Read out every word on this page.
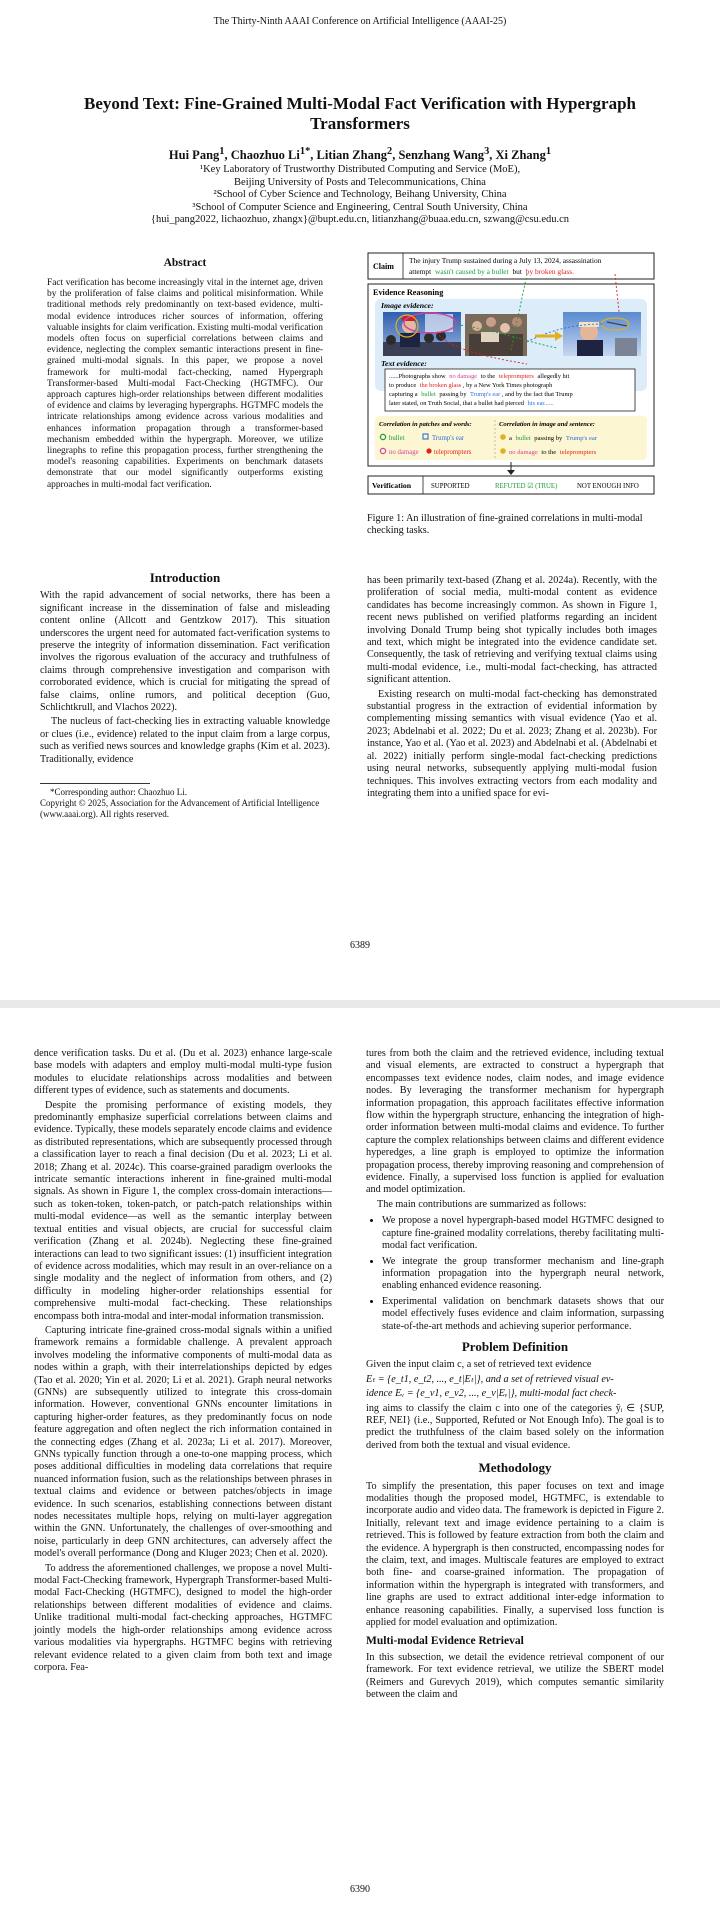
The Thirty-Ninth AAAI Conference on Artificial Intelligence (AAAI-25)
Beyond Text: Fine-Grained Multi-Modal Fact Verification with Hypergraph Transformers
Hui Pang$^1$, Chaozhuo $Li^{1*}$, Litian Zhang$^2$, Senzhang Wang$^3$, Xi Zhang$^1$
¹Key Laboratory of Trustworthy Distributed Computing and Service (MoE),
Beijing University of Posts and Telecommunications, China
²School of Cyber Science and Technology, Beihang University, China
³School of Computer Science and Engineering, Central South University, China
{hui_pang2022, lichaozhuo, zhangx}@bupt.edu.cn, litianzhang@buaa.edu.cn, szwang@csu.edu.cn
Abstract
Fact verification has become increasingly vital in the internet age, driven by the proliferation of false claims and political misinformation. While traditional methods rely predominantly on text-based evidence, multi-modal evidence introduces richer sources of information, offering valuable insights for claim verification. Existing multi-modal verification models often focus on superficial correlations between claims and evidence, neglecting the complex semantic interactions present in fine-grained multi-modal signals. In this paper, we propose a novel framework for multi-modal fact-checking, named Hypergraph Transformer-based Multi-modal Fact-Checking (HGTMFC). Our approach captures high-order relationships between different modalities of evidence and claims by leveraging hypergraphs. HGTMFC models the intricate relationships among evidence across various modalities and enhances information propagation through a transformer-based mechanism embedded within the hypergraph. Moreover, we utilize linegraphs to refine this propagation process, further strengthening the model's reasoning capabilities. Experiments on benchmark datasets demonstrate that our model significantly outperforms existing approaches in multi-modal fact verification.
Introduction

With the rapid advancement of social networks, there has been a significant increase in the dissemination of false and misleading content online (Allcott and Gentzkow 2017). This situation underscores the urgent need for automated fact-verification systems to preserve the integrity of information dissemination. Fact verification involves the rigorous evaluation of the accuracy and truthfulness of claims through comprehensive investigation and comparison with corroborated evidence, which is crucial for mitigating the spread of false claims, online rumors, and political deception (Guo, Schlichtkrull, and Vlachos 2022).

The nucleus of fact-checking lies in extracting valuable knowledge or clues (i.e., evidence) related to the input claim from a large corpus, such as verified news sources and knowledge graphs (Kim et al. 2023). Traditionally, evidence

*Corresponding author: Chaozhuo Li.
Copyright © 2025, Association for the Advancement of Artificial Intelligence (www.aaai.org). All rights reserved.
Claim
The injury Trump sustained during a July 13, 2024, assassination
attempt wasn't caused by a bullet but by broken glass.
Evidence Reasoning
Image evidence:
Text evidence:
......Photographs show no damage to the teleprompters allegedly hit
to produce the broken glass , by a New York Times photograph
capturing a bullet passing by Trump's ear , and by the fact that Trump
later stated, on Truth Social, that a bullet had pierced his ear......
Correlation in patches and words:	Correlation in image and sentence:
bullet	Trump's ear
no damage teleprompters
a bullet passing by Trump's ear
no damage to the teleprompters
Verification	SUPPORTED	REFUTED ☑ (TRUE)	NOT ENOUGH INFO
Figure 1: An illustration of fine-grained correlations in multi-modal checking tasks.

has been primarily text-based (Zhang et al. 2024a). Recently, with the proliferation of social media, multi-modal content as evidence candidates has become increasingly common. As shown in Figure 1, recent news published on verified platforms regarding an incident involving Donald Trump being shot typically includes both images and text, which might be integrated into the evidence candidate set. Consequently, the task of retrieving and verifying textual claims using multi-modal evidence, i.e., multi-modal fact-checking, has attracted significant attention.

Existing research on multi-modal fact-checking has demonstrated substantial progress in the extraction of evidential information by complementing missing semantics with visual evidence (Yao et al. 2023; Abdelnabi et al. 2022; Du et al. 2023; Zhang et al. 2023b). For instance, Yao et al. (Yao et al. 2023) and Abdelnabi et al. (Abdelnabi et al. 2022) initially perform single-modal fact-checking predictions using neural networks, subsequently applying multi-modal fusion techniques. This involves extracting vectors from each modality and integrating them into a unified space for evi-

6389

dence verification tasks. Du et al. (Du et al. 2023) enhance large-scale base models with adapters and employ multi-modal multi-type fusion modules to elucidate relationships across modalities and between different types of evidence, such as statements and documents.

Despite the promising performance of existing models, they predominantly emphasize superficial correlations between claims and evidence. Typically, these models separately encode claims and evidence as distributed representations, which are subsequently processed through a classification layer to reach a final decision (Du et al. 2023; Li et al. 2018; Zhang et al. 2024c). This coarse-grained paradigm overlooks the intricate semantic interactions inherent in fine-grained multi-modal signals. As shown in Figure 1, the complex cross-domain interactions—such as token-token, token-patch, or patch-patch relationships within multi-modal evidence—as well as the semantic interplay between textual entities and visual objects, are crucial for successful claim verification (Zhang et al. 2024b). Neglecting these fine-grained interactions can lead to two significant issues: (1) insufficient integration of evidence across modalities, which may result in an over-reliance on a single modality and the neglect of information from others, and (2) difficulty in modeling higher-order relationships essential for comprehensive multi-modal fact-checking. These relationships encompass both intra-modal and inter-modal information transmission.

Capturing intricate fine-grained cross-modal signals within a unified framework remains a formidable challenge. A prevalent approach involves modeling the informative components of multi-modal data as nodes within a graph, with their interrelationships depicted by edges (Tao et al. 2020; Yin et al. 2020; Li et al. 2021). Graph neural networks (GNNs) are subsequently utilized to integrate this cross-domain information. However, conventional GNNs encounter limitations in capturing higher-order features, as they predominantly focus on node feature aggregation and often neglect the rich information contained in the connecting edges (Zhang et al. 2023a; Li et al. 2017). Moreover, GNNs typically function through a one-to-one mapping process, which poses additional difficulties in modeling data correlations that require nuanced information fusion, such as the relationships between phrases in textual claims and evidence or between patches/objects in image evidence. In such scenarios, establishing connections between distant nodes necessitates multiple hops, relying on multi-layer aggregation within the GNN. Unfortunately, the challenges of over-smoothing and noise, particularly in deep GNN architectures, can adversely affect the model's overall performance (Dong and Kluger 2023; Chen et al. 2020).

To address the aforementioned challenges, we propose a novel Multi-modal Fact-Checking framework, Hypergraph Transformer-based Multi-modal Fact-Checking (HGTMFC), designed to model the high-order relationships between different modalities of evidence and claims. Unlike traditional multi-modal fact-checking approaches, HGTMFC jointly models the high-order relationships among evidence across various modalities via hypergraphs. HGTMFC begins with retrieving relevant evidence related to a given claim from both text and image corpora. Fea-

tures from both the claim and the retrieved evidence, including textual and visual elements, are extracted to construct a hypergraph that encompasses text evidence nodes, claim nodes, and image evidence nodes. By leveraging the transformer mechanism for hypergraph information propagation, this approach facilitates effective information flow within the hypergraph structure, enhancing the integration of high-order information between multi-modal claims and evidence. To further capture the complex relationships between claims and different evidence hyperedges, a line graph is employed to optimize the information propagation process, thereby improving reasoning and comprehension of evidence. Finally, a supervised loss function is applied for evaluation and model optimization.

The main contributions are summarized as follows:

• We propose a novel hypergraph-based model HGTMFC designed to capture fine-grained modality correlations, thereby facilitating multi-modal fact verification.
• We integrate the group transformer mechanism and line-graph information propagation into the hypergraph neural network, enabling enhanced evidence reasoning.
• Experimental validation on benchmark datasets shows that our model effectively fuses evidence and claim information, surpassing state-of-the-art methods and achieving superior performance.
Problem Definition

Given the input claim c, a set of retrieved text evidence

Eₜ = {e_t1, e_t2, ..., e_t|Eₜ|}, and a set of retrieved visual ev-

idence Eᵥ = {e_v1, e_v2, ..., e_v|Eᵥ|}, multi-modal fact check-

ing aims to classify the claim c into one of the categories ŷᵢ ∈ {SUP, REF, NEI} (i.e., Supported, Refuted or Not Enough Info). The goal is to predict the truthfulness of the claim based solely on the information derived from both the textual and visual evidence.

Methodology

To simplify the presentation, this paper focuses on text and image modalities though the proposed model, HGTMFC, is extendable to incorporate audio and video data. The framework is depicted in Figure 2. Initially, relevant text and image evidence pertaining to a claim is retrieved. This is followed by feature extraction from both the claim and the evidence. A hypergraph is then constructed, encompassing nodes for the claim, text, and images. Multiscale features are employed to extract both fine- and coarse-grained information. The propagation of information within the hypergraph is integrated with transformers, and line graphs are used to extract additional inter-edge information to enhance reasoning capabilities. Finally, a supervised loss function is applied for model evaluation and optimization.

Multi-modal Evidence Retrieval

In this subsection, we detail the evidence retrieval component of our framework. For text evidence retrieval, we utilize the SBERT model (Reimers and Gurevych 2019), which computes semantic similarity between the claim and

6390
